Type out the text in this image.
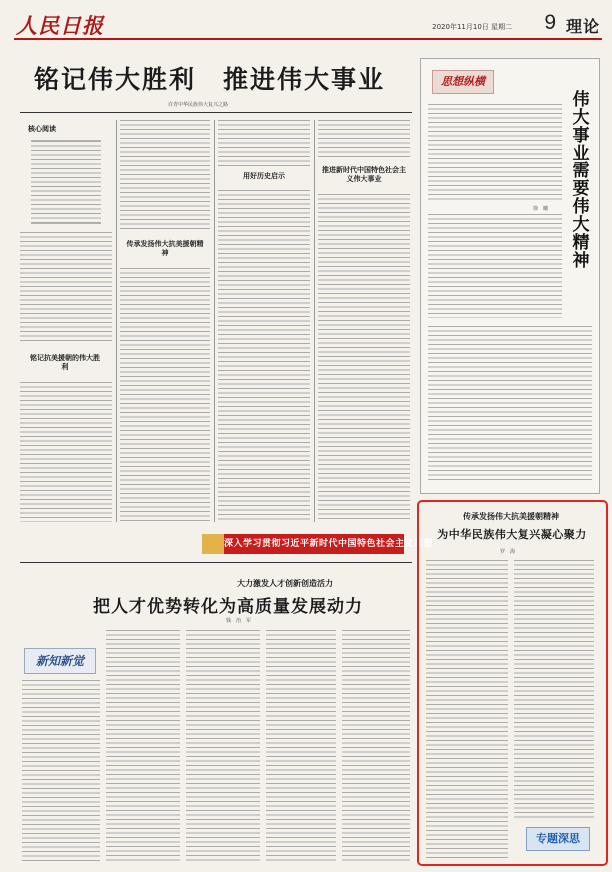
人民日报	2020年11月10日 星期二 9 理论
铭记伟大胜利　推进伟大事业
许青中华民族伟大复兴之路
核心阅读
铭记抗美援朝的伟大胜利
传承发扬伟大抗美援朝精神
用好历史启示
推进新时代中国特色社会主义伟大事业
思想纵横
伟大事业需要伟大精神
徐　曦
深入学习贯彻习近平新时代中国特色社会主义思想
大力激发人才创新创造活力
把人才优势转化为高质量发展动力
钱　治　军
新知新觉
传承发扬伟大抗美援朝精神
为中华民族伟大复兴凝心聚力
罗　海
专题深思
